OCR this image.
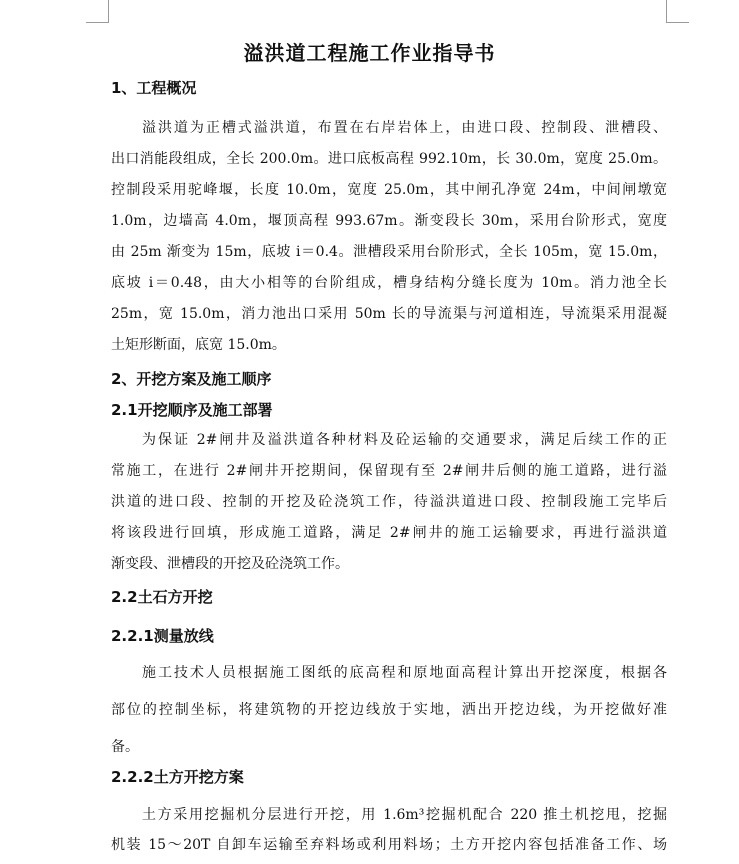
溢洪道工程施工作业指导书
1、工程概况
溢洪道为正槽式溢洪道，布置在右岸岩体上，由进口段、控制段、泄槽段、
出口消能段组成，全长 200.0m。进口底板高程 992.10m，长 30.0m，宽度 25.0m。
控制段采用驼峰堰，长度 10.0m，宽度 25.0m，其中闸孔净宽 24m，中间闸墩宽
1.0m，边墙高 4.0m，堰顶高程 993.67m。渐变段长 30m，采用台阶形式，宽度
由 25m 渐变为 15m，底坡 i＝0.4。泄槽段采用台阶形式，全长 105m，宽 15.0m，
底坡 i＝0.48，由大小相等的台阶组成，槽身结构分缝长度为 10m。消力池全长
25m，宽 15.0m，消力池出口采用 50m 长的导流渠与河道相连，导流渠采用混凝
土矩形断面，底宽 15.0m。
2、开挖方案及施工顺序
2.1开挖顺序及施工部署
为保证 2#闸井及溢洪道各种材料及砼运输的交通要求，满足后续工作的正
常施工，在进行 2#闸井开挖期间，保留现有至 2#闸井后侧的施工道路，进行溢
洪道的进口段、控制的开挖及砼浇筑工作，待溢洪道进口段、控制段施工完毕后
将该段进行回填，形成施工道路，满足 2#闸井的施工运输要求，再进行溢洪道
渐变段、泄槽段的开挖及砼浇筑工作。
2.2土石方开挖
2.2.1测量放线
施工技术人员根据施工图纸的底高程和原地面高程计算出开挖深度，根据各
部位的控制坐标，将建筑物的开挖边线放于实地，洒出开挖边线，为开挖做好准
备。
2.2.2土方开挖方案
土方采用挖掘机分层进行开挖，用 1.6m³挖掘机配合 220 推土机挖甩，挖掘
机装 15～20T 自卸车运输至弃料场或利用料场；土方开挖内容包括准备工作、场
